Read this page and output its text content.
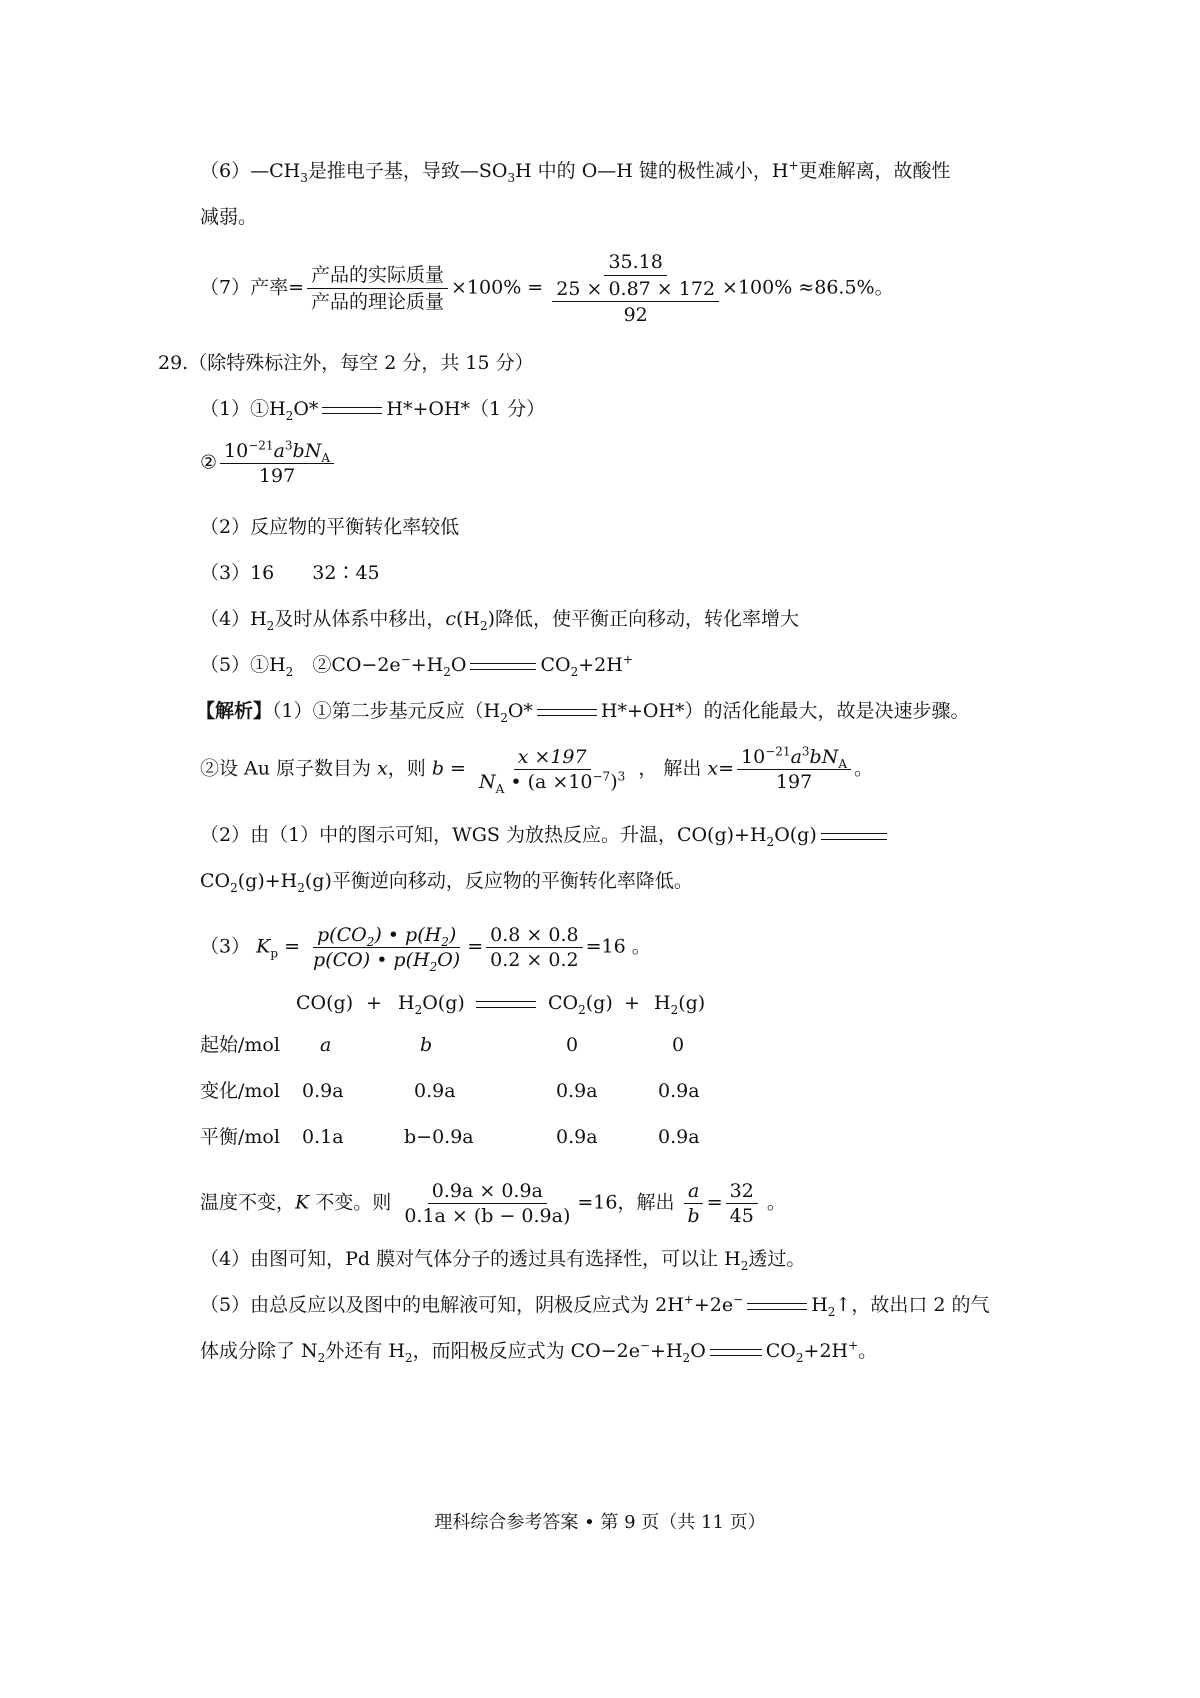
$(6)—CH_3$是推电子基，导致$—SO_3H$ 中的 O—H 键的极性减小，H+更难解离，故酸性
减弱。
（7）产率= $\frac{\text{产品的实际质量}}{\text{产品的理论质量}} \times 100\%$ =
35.18
25 × 0.87 × 172
92
×100% ≈86.5%。
29.（除特殊标注外，每空 2 分，共 15 分）
$(1)①H_2O*$	H*+OH*（1 分）
② $\frac{10^{-21}a^3bN_A}{197}$
（2）反应物的平衡转化率较低
（3）16　　32∶45
$(4)H_2$及时从体系中移出，$c(H_2)$降低，使平衡正向移动，转化率增大
$(5)①H_2$　$②CO-2e^-+H_2O$	$CO_2+2H^+$
【解析】（1）①第二步基元反应（$H_2O*$	H*+OH*）的活化能最大，故是决速步骤。
②设 Au 原子数目为 x，则 $b = \frac{x \times 197}{N_A • (a \times 10^{-7})^3}$ ， 解出 $x= \frac{10^{-21}a^3bN_A}{197}$ 。
（2）由（1）中的图示可知，WGS 为放热反应。升温，$CO(g)+H_2O(g)$
$CO_2(g)+H_2(g)$平衡逆向移动，反应物的平衡转化率降低。
（3） $K_p = \frac{p(CO_2) • p(H_2)}{p(CO) • p(H_2O)} = \frac{0.8 \times 0.8}{0.2 \times 0.2} =16$ 。
$CO(g) + H_2O(g)$	$CO_2(g) + H_2(g)$
起始/mol a	b	0	0
变化/mol 0.9a	0.9a	0.9a	0.9a
平衡/mol 0.1a	b−0.9a	0.9a	0.9a
温度不变，K 不变。则 $\frac{0.9a \times 0.9a}{0.1a \times (b - 0.9a)} =16$，解出 $\frac{a}{b} = \frac{32}{45}$ 。
（4）由图可知，Pd 膜对气体分子的透过具有选择性，可以让 $H_2$透过。
（5）由总反应以及图中的电解液可知，阴极反应式为 2H++2e−	$H_2↑$，故出口 2 的气
体成分除了 $N_2$外还有 $H_2$，而阳极反应式为 $CO-2e^-+H_2O$	$CO_2+2H^+$。
理科综合参考答案 • 第 9 页（共 11 页）
